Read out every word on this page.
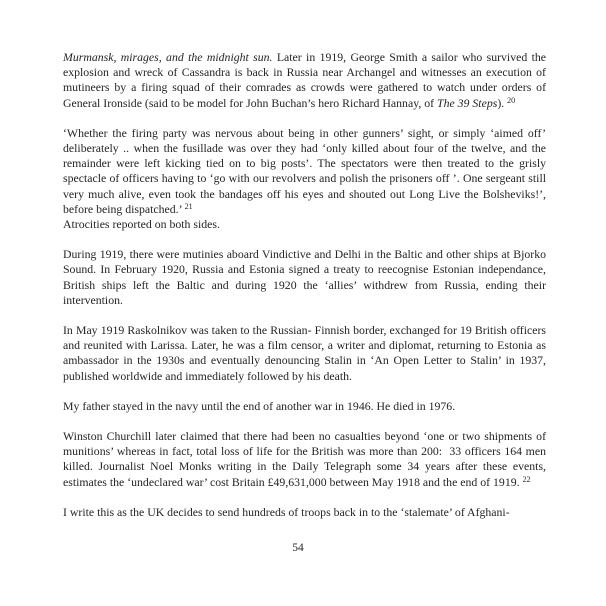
Murmansk, mirages, and the midnight sun. Later in 1919, George Smith a sailor who survived the explosion and wreck of Cassandra is back in Russia near Archangel and witnesses an execution of mutineers by a firing squad of their comrades as crowds were gathered to watch under orders of General Ironside (said to be model for John Buchan’s hero Richard Hannay, of The 39 Steps). $^{20}$

‘Whether the firing party was nervous about being in other gunners’ sight, or simply ‘aimed off’ deliberately .. when the fusillade was over they had ‘only killed about four of the twelve, and the remainder were left kicking tied on to big posts’. The spectators were then treated to the grisly spectacle of officers having to ‘go with our revolvers and polish the prisoners off ’. One sergeant still very much alive, even took the bandages off his eyes and shouted out Long Live the Bolsheviks!’, before being dispatched.’ $^{21}$

Atrocities reported on both sides.

During 1919, there were mutinies aboard Vindictive and Delhi in the Baltic and other ships at Bjorko Sound. In February 1920, Russia and Estonia signed a treaty to reecognise Estonian independance, British ships left the Baltic and during 1920 the ‘allies’ withdrew from Russia, ending their intervention.

In May 1919 Raskolnikov was taken to the Russian- Finnish border, exchanged for 19 British officers and reunited with Larissa. Later, he was a film censor, a writer and diplomat, returning to Estonia as ambassador in the 1930s and eventually denouncing Stalin in ‘An Open Letter to Stalin’ in 1937, published worldwide and immediately followed by his death.

My father stayed in the navy until the end of another war in 1946. He died in 1976.

Winston Churchill later claimed that there had been no casualties beyond ‘one or two shipments of munitions’ whereas in fact, total loss of life for the British was more than 200:  33 officers 164 men killed. Journalist Noel Monks writing in the Daily Telegraph some 34 years after these events, estimates the ‘undeclared war’ cost Britain £49,631,000 between May 1918 and the end of 1919. $^{22}$

I write this as the UK decides to send hundreds of troops back in to the ‘stalemate’ of Afghani-

54
